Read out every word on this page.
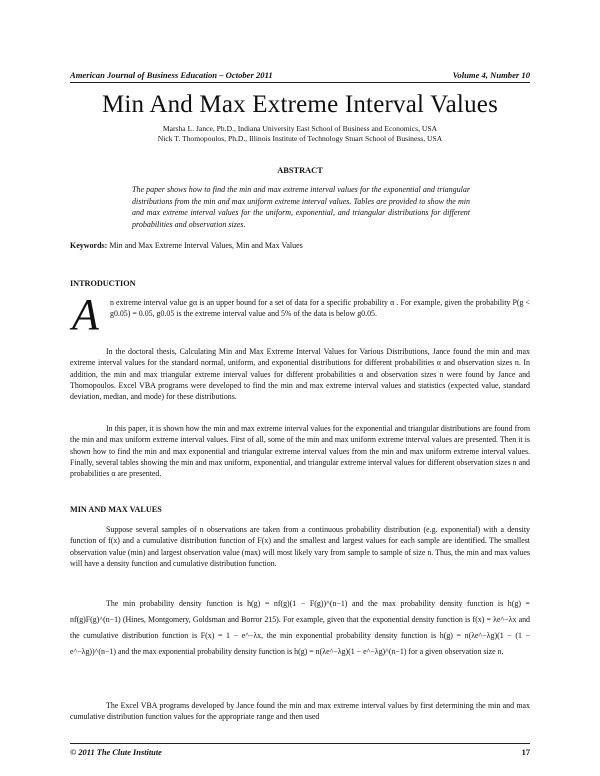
American Journal of Business Education – October 2011	Volume 4, Number 10
Min And Max Extreme Interval Values
Marsha L. Jance, Ph.D., Indiana University East School of Business and Economics, USA
Nick T. Thomopoulos, Ph.D., Illinois Institute of Technology Stuart School of Business, USA
ABSTRACT
The paper shows how to find the min and max extreme interval values for the exponential and triangular distributions from the min and max uniform extreme interval values. Tables are provided to show the min and max extreme interval values for the uniform, exponential, and triangular distributions for different probabilities and observation sizes.
Keywords: Min and Max Extreme Interval Values, Min and Max Values
INTRODUCTION
A n extreme interval value gα is an upper bound for a set of data for a specific probability α . For example, given the probability P(g < g0.05) = 0.05, g0.05 is the extreme interval value and 5% of the data is below g0.05.
In the doctoral thesis, Calculating Min and Max Extreme Interval Values for Various Distributions, Jance found the min and max extreme interval values for the standard normal, uniform, and exponential distributions for different probabilities α and observation sizes n. In addition, the min and max triangular extreme interval values for different probabilities α and observation sizes n were found by Jance and Thomopoulos. Excel VBA programs were developed to find the min and max extreme interval values and statistics (expected value, standard deviation, median, and mode) for these distributions.
In this paper, it is shown how the min and max extreme interval values for the exponential and triangular distributions are found from the min and max uniform extreme interval values. First of all, some of the min and max uniform extreme interval values are presented. Then it is shown how to find the min and max exponential and triangular extreme interval values from the min and max uniform extreme interval values. Finally, several tables showing the min and max uniform, exponential, and triangular extreme interval values for different observation sizes n and probabilities α are presented.
MIN AND MAX VALUES
Suppose several samples of n observations are taken from a continuous probability distribution (e.g. exponential) with a density function of f(x) and a cumulative distribution function of F(x) and the smallest and largest values for each sample are identified. The smallest observation value (min) and largest observation value (max) will most likely vary from sample to sample of size n. Thus, the min and max values will have a density function and cumulative distribution function.
The min probability density function is h(g) = nf(g)(1 − F(g))^(n−1) and the max probability density function is h(g) = nf(g)F(g)^(n−1) (Hines, Montgomery, Goldsman and Borror 215). For example, given that the exponential density function is f(x) = λe^−λx and the cumulative distribution function is F(x) = 1 − e^−λx, the min exponential probability density function is h(g) = n(λe^−λg)(1 − (1 − e^−λg))^(n−1) and the max exponential probability density function is h(g) = n(λe^−λg)(1 − e^−λg)^(n−1) for a given observation size n.
The Excel VBA programs developed by Jance found the min and max extreme interval values by first determining the min and max cumulative distribution function values for the appropriate range and then used
© 2011 The Clute Institute	17
